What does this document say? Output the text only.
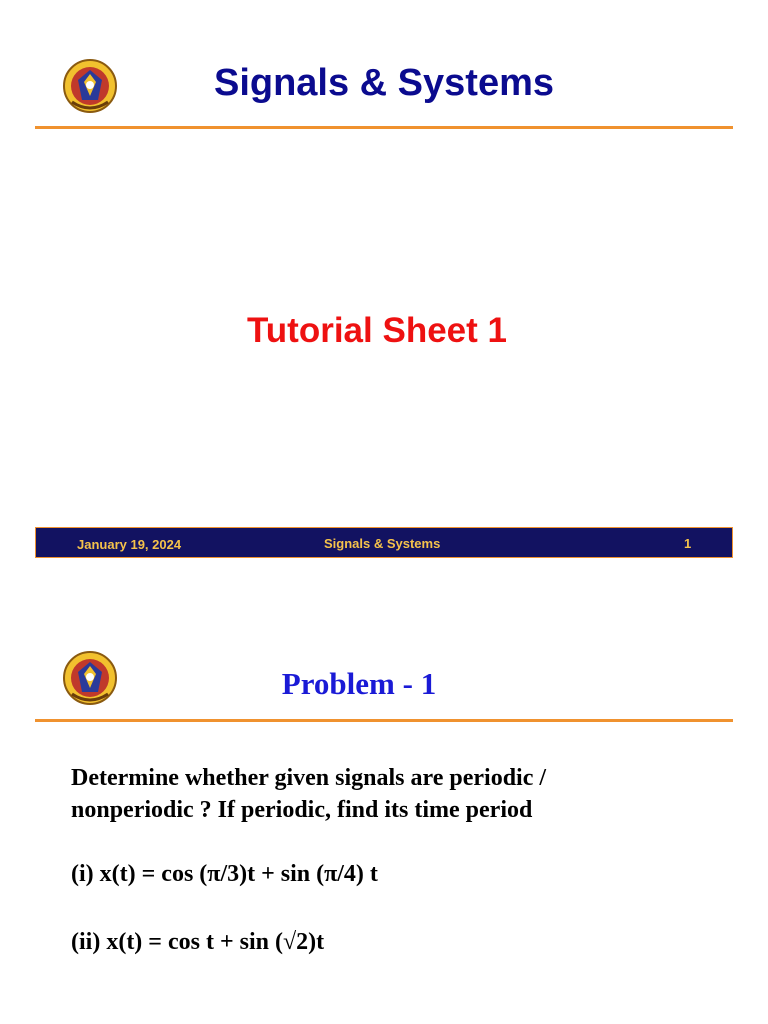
Signals & Systems
Tutorial Sheet 1
January 19, 2024	Signals & Systems	1
Problem - 1
Determine whether given signals are periodic /
nonperiodic ? If periodic, find its time period
(i) x(t) = cos (π/3)t + sin (π/4) t
(ii) x(t) = cos t + sin (√2)t
